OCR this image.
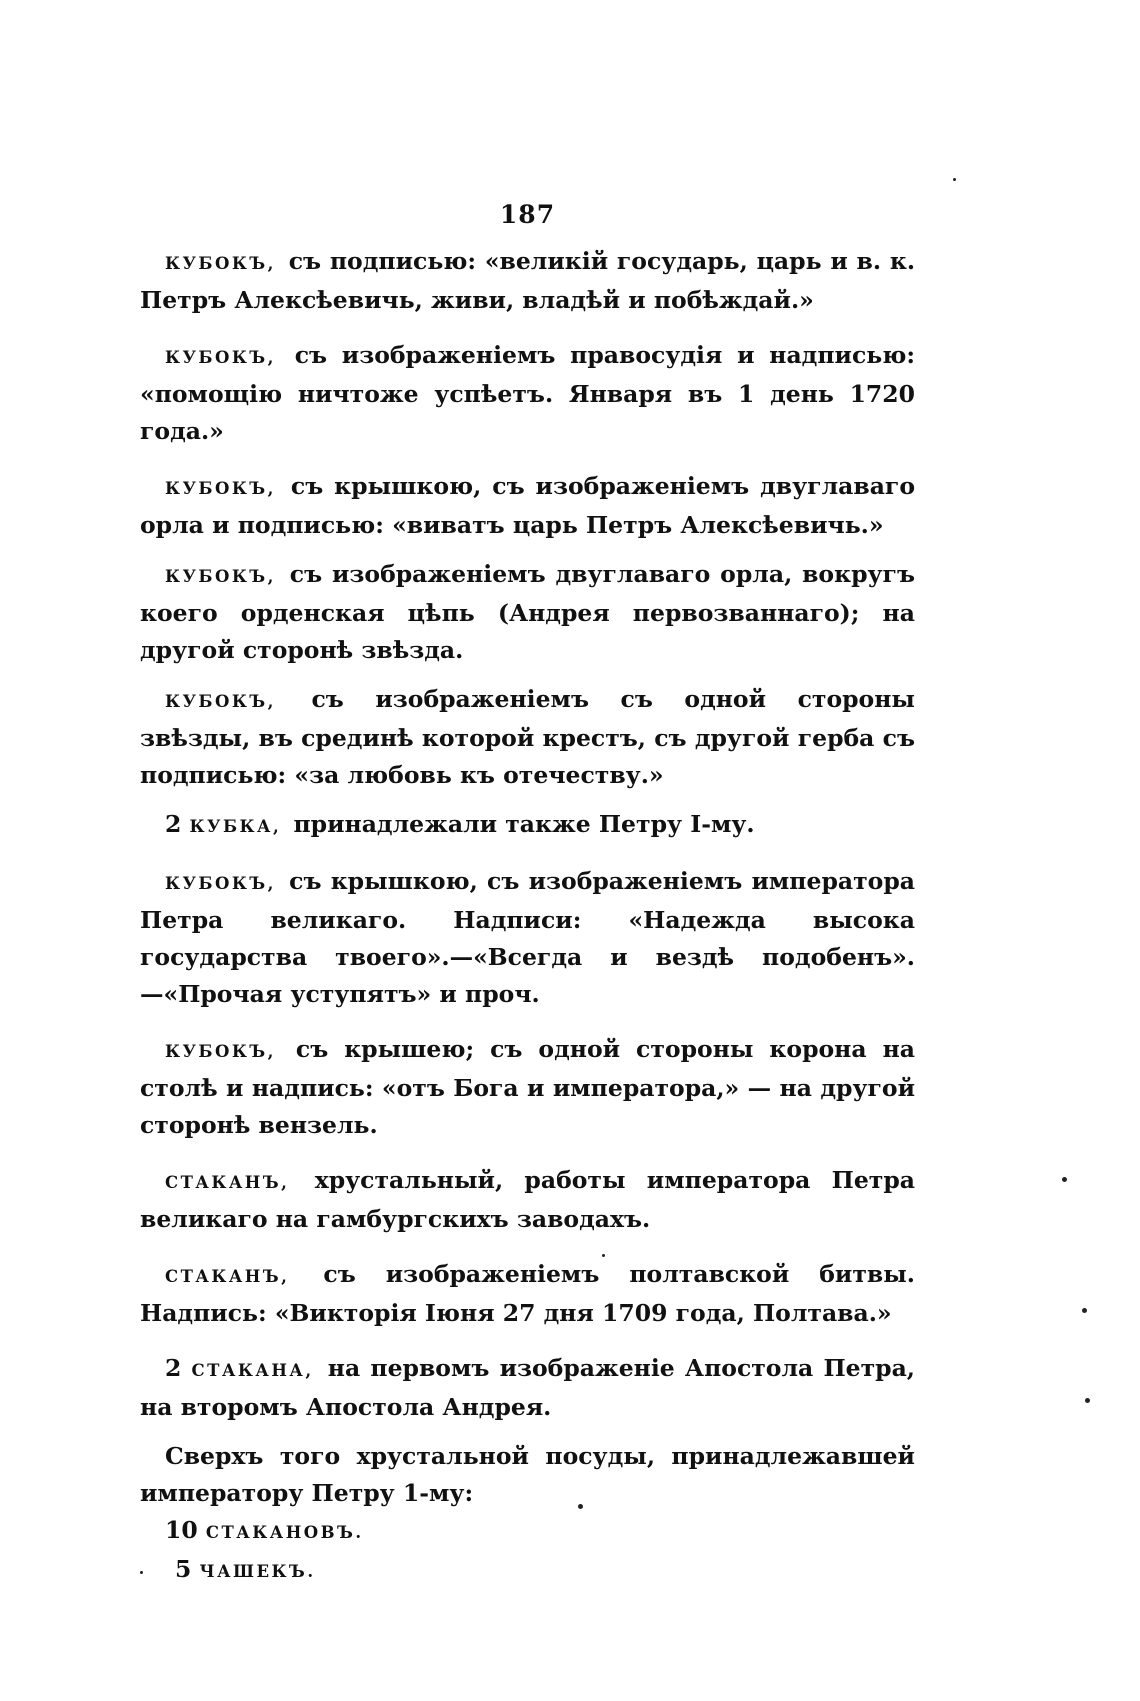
187

КУБОКЪ, съ подписью: «великій государь, царь и в. к. Петръ Алексѣевичь, живи, владѣй и побѣждай.»

КУБОКЪ, съ изображеніемъ правосудія и надписью: «помощію ничтоже успѣетъ. Января въ 1 день 1720 года.»

КУБОКЪ, съ крышкою, съ изображеніемъ двуглаваго орла и подписью: «виватъ царь Петръ Алексѣевичь.»

КУБОКЪ, съ изображеніемъ двуглаваго орла, вокругъ коего орденская цѣпь (Андрея первозваннаго); на другой сторонѣ звѣзда.

КУБОКЪ, съ изображеніемъ съ одной стороны звѣзды, въ срединѣ которой крестъ, съ другой герба съ подписью: «за любовь къ отечеству.»

2 КУБКА, принадлежали также Петру І-му.

КУБОКЪ, съ крышкою, съ изображеніемъ императора Петра великаго. Надписи: «Надежда высока государства твоего».—«Всегда и вездѣ подобенъ».—«Прочая уступятъ» и проч.

КУБОКЪ, съ крышею; съ одной стороны корона на столѣ и надпись: «отъ Бога и императора,» — на другой сторонѣ вензель.

СТАКАНЪ, хрустальный, работы императора Петра великаго на гамбургскихъ заводахъ.

СТАКАНЪ, съ изображеніемъ полтавской битвы. Надпись: «Викторія Іюня 27 дня 1709 года, Полтава.»

2 СТАКАНА, на первомъ изображеніе Апостола Петра, на второмъ Апостола Андрея.

Сверхъ того хрустальной посуды, принадлежавшей императору Петру 1-му:

10 СТАКАНОВЪ.

5 ЧАШЕКЪ.
